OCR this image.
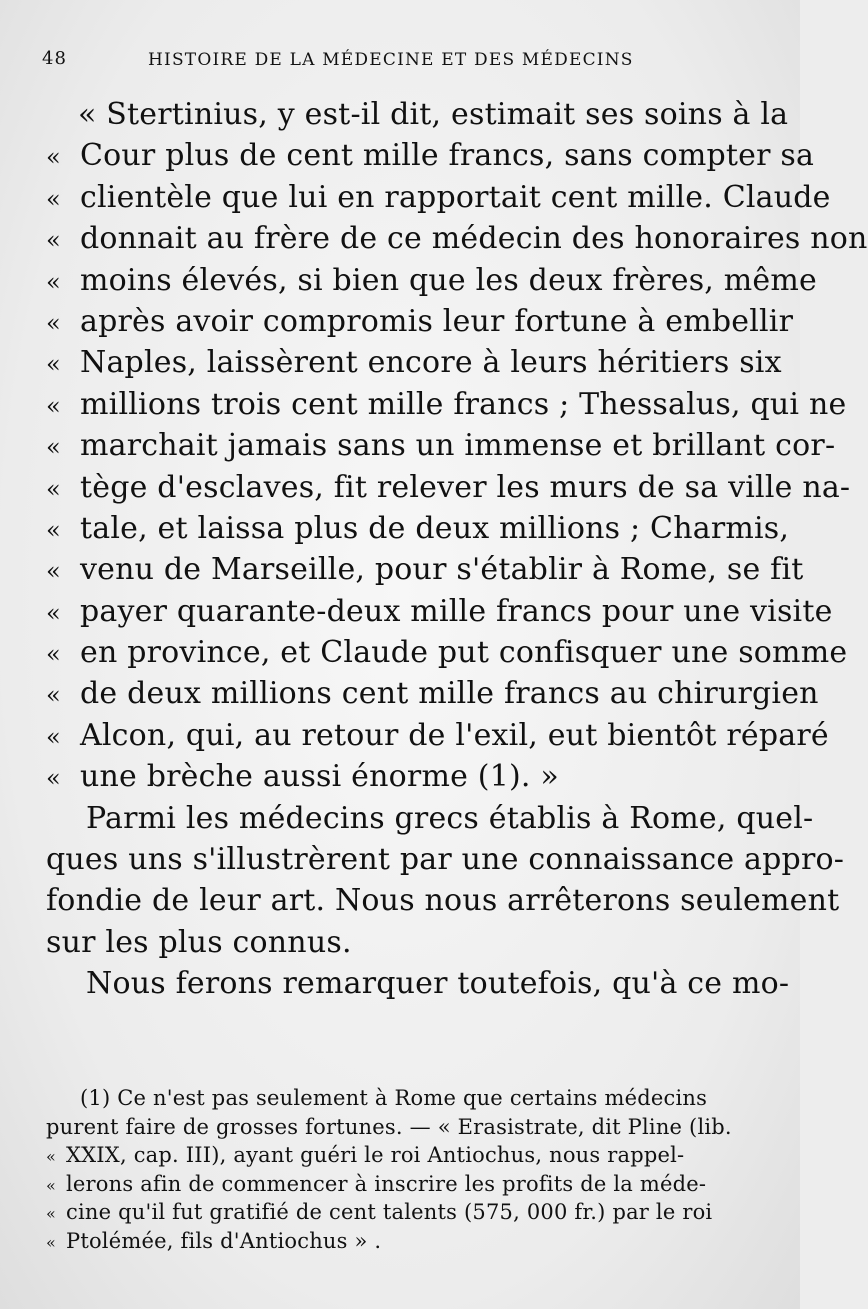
48	HISTOIRE DE LA MÉDECINE ET DES MÉDECINS
« Stertinius, y est-il dit, estimait ses soins à la
« Cour plus de cent mille francs, sans compter sa
« clientèle que lui en rapportait cent mille. Claude
« donnait au frère de ce médecin des honoraires non
« moins élevés, si bien que les deux frères, même
« après avoir compromis leur fortune à embellir
« Naples, laissèrent encore à leurs héritiers six
« millions trois cent mille francs ; Thessalus, qui ne
« marchait jamais sans un immense et brillant cor-
« tège d'esclaves, fit relever les murs de sa ville na-
« tale, et laissa plus de deux millions ; Charmis,
« venu de Marseille, pour s'établir à Rome, se fit
« payer quarante-deux mille francs pour une visite
« en province, et Claude put confisquer une somme
« de deux millions cent mille francs au chirurgien
« Alcon, qui, au retour de l'exil, eut bientôt réparé
« une brèche aussi énorme (1). »
Parmi les médecins grecs établis à Rome, quel-
ques uns s'illustrèrent par une connaissance appro-
fondie de leur art. Nous nous arrêterons seulement
sur les plus connus.
Nous ferons remarquer toutefois, qu'à ce mo-
(1) Ce n'est pas seulement à Rome que certains médecins
purent faire de grosses fortunes. — « Erasistrate, dit Pline (lib.
« XXIX, cap. III), ayant guéri le roi Antiochus, nous rappel-
« lerons afin de commencer à inscrire les profits de la méde-
« cine qu'il fut gratifié de cent talents (575, 000 fr.) par le roi
« Ptolémée, fils d'Antiochus » .
